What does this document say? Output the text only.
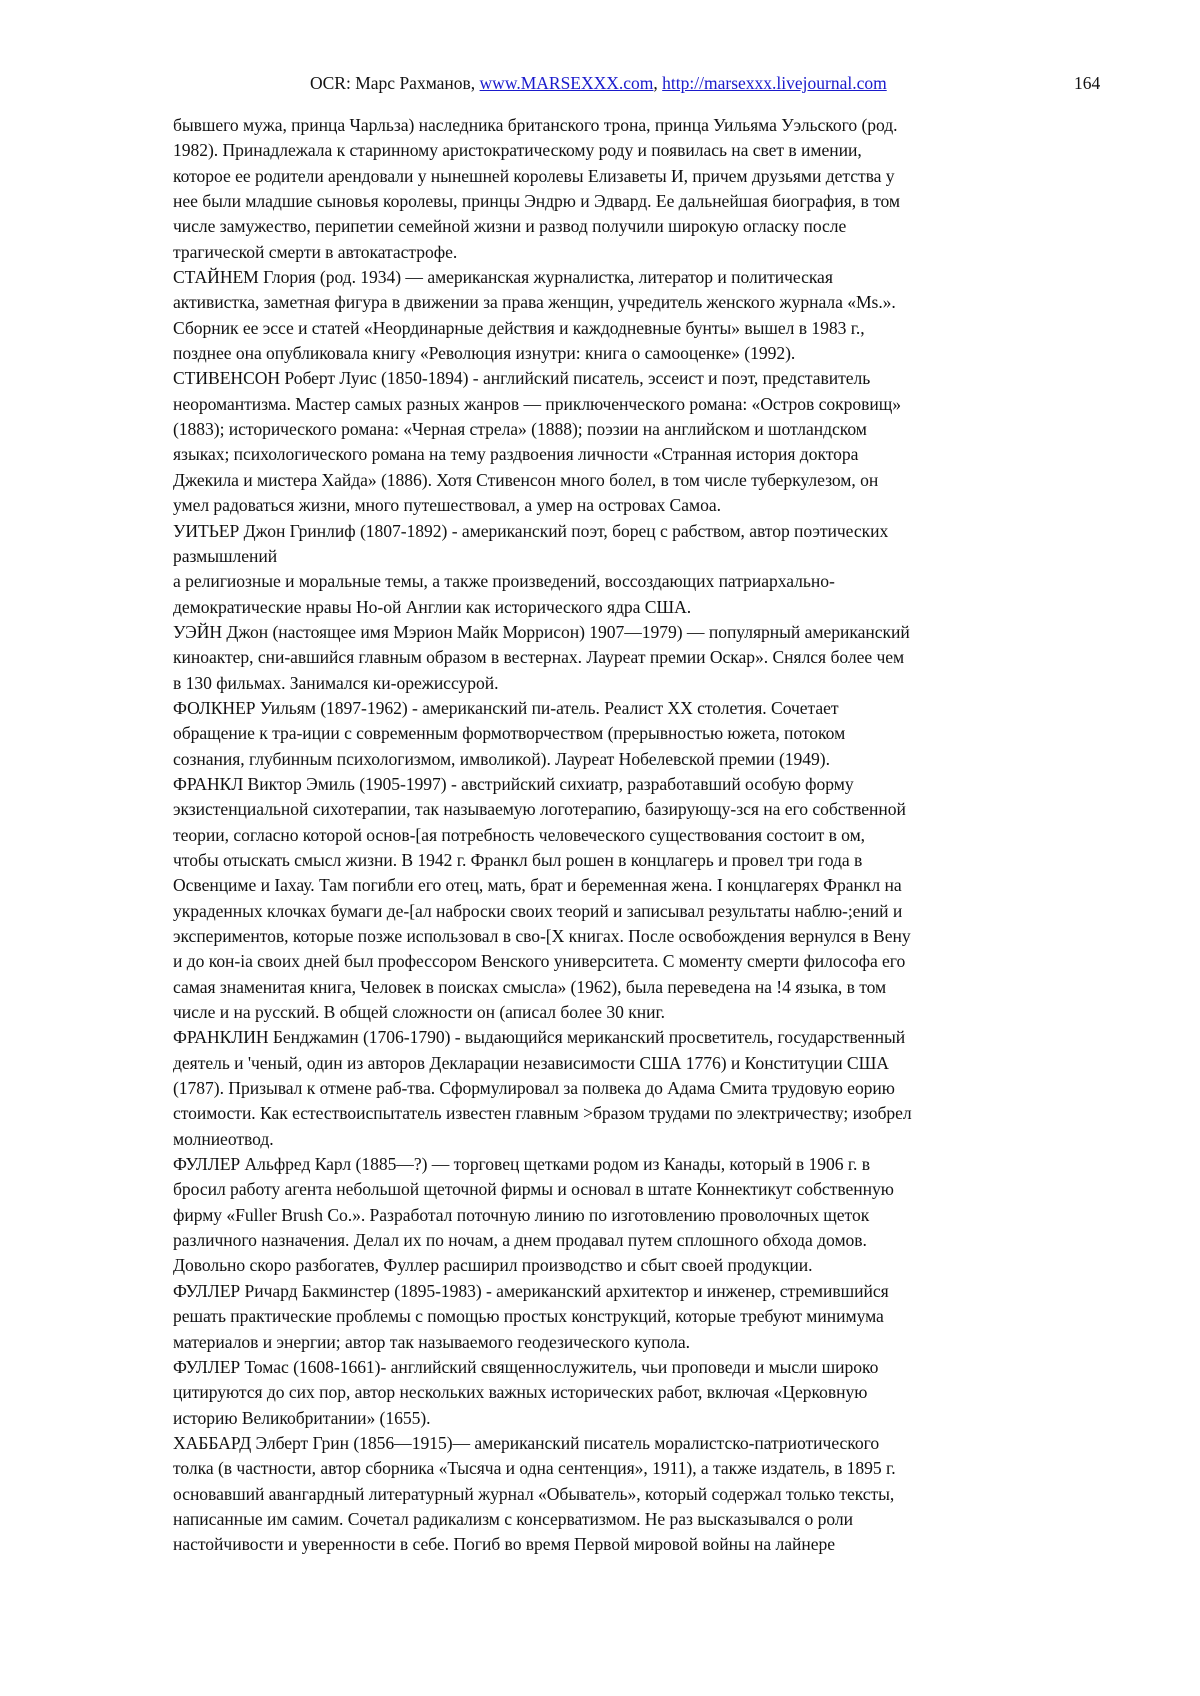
OCR: Марс Рахманов, www.MARSEXXX.com, http://marsexxx.livejournal.com	164
бывшего мужа, принца Чарльза) наследника британского трона, принца Уильяма Уэльского (род.
1982). Принадлежала к старинному аристократическому роду и появилась на свет в имении,
которое ее родители арендовали у нынешней королевы Елизаветы И, причем друзьями детства у
нее были младшие сыновья королевы, принцы Эндрю и Эдвард. Ее дальнейшая биография, в том
числе замужество, перипетии семейной жизни и развод получили широкую огласку после
трагической смерти в автокатастрофе.
СТАЙНЕМ Глория (род. 1934) — американская журналистка, литератор и политическая
активистка, заметная фигура в движении за права женщин, учредитель женского журнала «Ms.».
Сборник ее эссе и статей «Неординарные действия и каждодневные бунты» вышел в 1983 г.,
позднее она опубликовала книгу «Революция изнутри: книга о самооценке» (1992).
СТИВЕНСОН Роберт Луис (1850-1894) - английский писатель, эссеист и поэт, представитель
неоромантизма. Мастер самых разных жанров — приключенческого романа: «Остров сокровищ»
(1883); исторического романа: «Черная стрела» (1888); поэзии на английском и шотландском
языках; психологического романа на тему раздвоения личности «Странная история доктора
Джекила и мистера Хайда» (1886). Хотя Стивенсон много болел, в том числе туберкулезом, он
умел радоваться жизни, много путешествовал, а умер на островах Самоа.
УИТЬЕР Джон Гринлиф (1807-1892) - американский поэт, борец с рабством, автор поэтических
размышлений
а религиозные и моральные темы, а также произведений, воссоздающих патриархально-
демократические нравы Но-ой Англии как исторического ядра США.
УЭЙН Джон (настоящее имя Мэрион Майк Моррисон) 1907—1979) — популярный американский
киноактер, сни-авшийся главным образом в вестернах. Лауреат премии Оскар». Снялся более чем
в 130 фильмах. Занимался ки-орежиссурой.
ФОЛКНЕР Уильям (1897-1962) - американский пи-атель. Реалист XX столетия. Сочетает
обращение к тра-иции с современным формотворчеством (прерывностью южета, потоком
сознания, глубинным психологизмом, имволикой). Лауреат Нобелевской премии (1949).
ФРАНКЛ Виктор Эмиль (1905-1997) - австрийский сихиатр, разработавший особую форму
экзистенциальной сихотерапии, так называемую логотерапию, базирующу-зся на его собственной
теории, согласно которой основ-[ая потребность человеческого существования состоит в ом,
чтобы отыскать смысл жизни. В 1942 г. Франкл был рошен в концлагерь и провел три года в
Освенциме и Iахау. Там погибли его отец, мать, брат и беременная жена. I концлагерях Франкл на
украденных клочках бумаги де-[ал наброски своих теорий и записывал результаты наблю-;ений и
экспериментов, которые позже использовал в сво-[Х книгах. После освобождения вернулся в Вену
и до кон-іа своих дней был профессором Венского университета. С моменту смерти философа его
самая знаменитая книга, Человек в поисках смысла» (1962), была переведена на !4 языка, в том
числе и на русский. В общей сложности он (аписал более 30 книг.
ФРАНКЛИН Бенджамин (1706-1790) - выдающийся мериканский просветитель, государственный
деятель и 'ченый, один из авторов Декларации независимости США 1776) и Конституции США
(1787). Призывал к отмене раб-тва. Сформулировал за полвека до Адама Смита трудовую еорию
стоимости. Как естествоиспытатель известен главным >бразом трудами по электричеству; изобрел
молниеотвод.
ФУЛЛЕР Альфред Карл (1885—?) — торговец щетками родом из Канады, который в 1906 г. в
бросил работу агента небольшой щеточной фирмы и основал в штате Коннектикут собственную
фирму «Fuller Brush Co.». Разработал поточную линию по изготовлению проволочных щеток
различного назначения. Делал их по ночам, а днем продавал путем сплошного обхода домов.
Довольно скоро разбогатев, Фуллер расширил производство и сбыт своей продукции.
ФУЛЛЕР Ричард Бакминстер (1895-1983) - американский архитектор и инженер, стремившийся
решать практические проблемы с помощью простых конструкций, которые требуют минимума
материалов и энергии; автор так называемого геодезического купола.
ФУЛЛЕР Томас (1608-1661)- английский священнослужитель, чьи проповеди и мысли широко
цитируются до сих пор, автор нескольких важных исторических работ, включая «Церковную
историю Великобритании» (1655).
ХАББАРД Элберт Грин (1856—1915)— американский писатель моралистско-патриотического
толка (в частности, автор сборника «Тысяча и одна сентенция», 1911), а также издатель, в 1895 г.
основавший авангардный литературный журнал «Обыватель», который содержал только тексты,
написанные им самим. Сочетал радикализм с консерватизмом. Не раз высказывался о роли
настойчивости и уверенности в себе. Погиб во время Первой мировой войны на лайнере
